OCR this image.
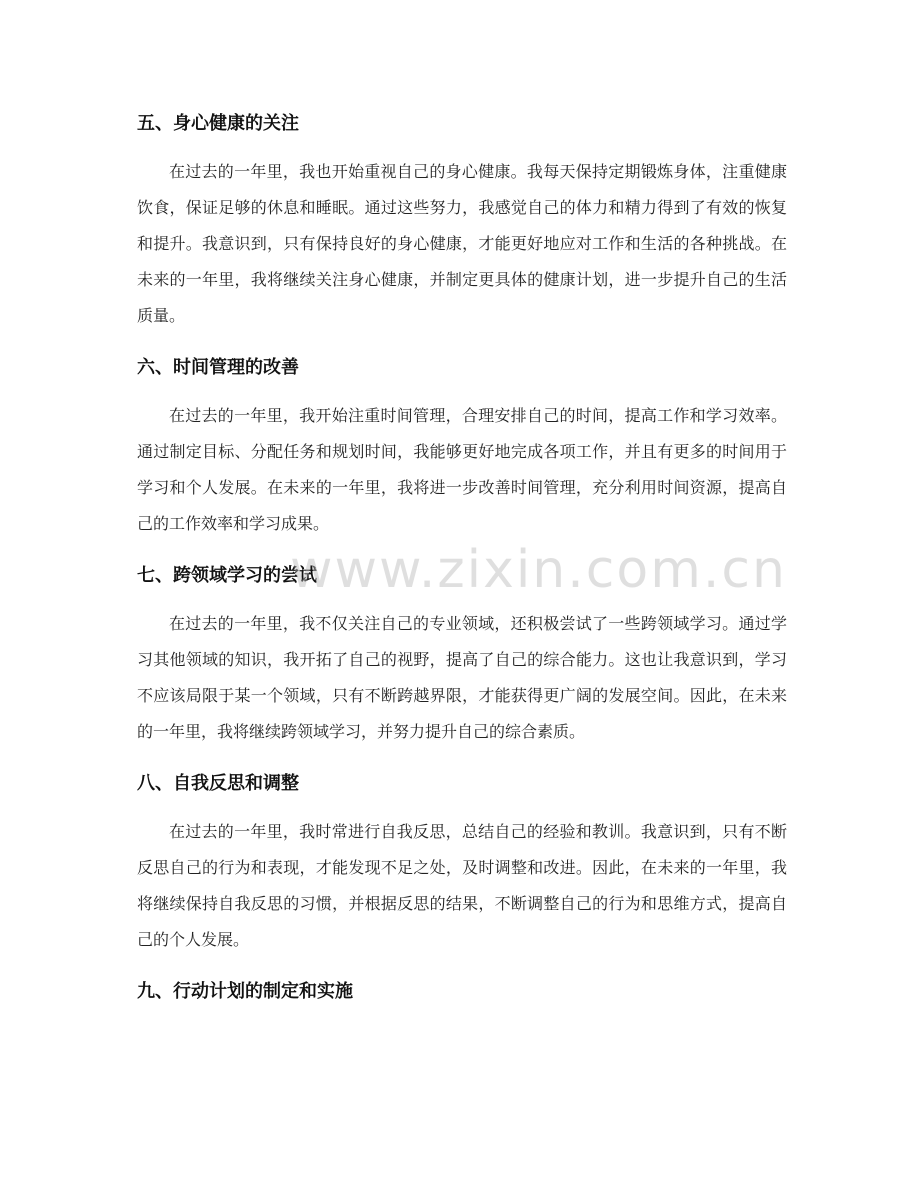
五、身心健康的关注

在过去的一年里，我也开始重视自己的身心健康。我每天保持定期锻炼身体，注重健康饮食，保证足够的休息和睡眠。通过这些努力，我感觉自己的体力和精力得到了有效的恢复和提升。我意识到，只有保持良好的身心健康，才能更好地应对工作和生活的各种挑战。在未来的一年里，我将继续关注身心健康，并制定更具体的健康计划，进一步提升自己的生活质量。

六、时间管理的改善

在过去的一年里，我开始注重时间管理，合理安排自己的时间，提高工作和学习效率。通过制定目标、分配任务和规划时间，我能够更好地完成各项工作，并且有更多的时间用于学习和个人发展。在未来的一年里，我将进一步改善时间管理，充分利用时间资源，提高自己的工作效率和学习成果。

七、跨领域学习的尝试

在过去的一年里，我不仅关注自己的专业领域，还积极尝试了一些跨领域学习。通过学习其他领域的知识，我开拓了自己的视野，提高了自己的综合能力。这也让我意识到，学习不应该局限于某一个领域，只有不断跨越界限，才能获得更广阔的发展空间。因此，在未来的一年里，我将继续跨领域学习，并努力提升自己的综合素质。

八、自我反思和调整

在过去的一年里，我时常进行自我反思，总结自己的经验和教训。我意识到，只有不断反思自己的行为和表现，才能发现不足之处，及时调整和改进。因此，在未来的一年里，我将继续保持自我反思的习惯，并根据反思的结果，不断调整自己的行为和思维方式，提高自己的个人发展。

九、行动计划的制定和实施
www.zixin.com.cn
